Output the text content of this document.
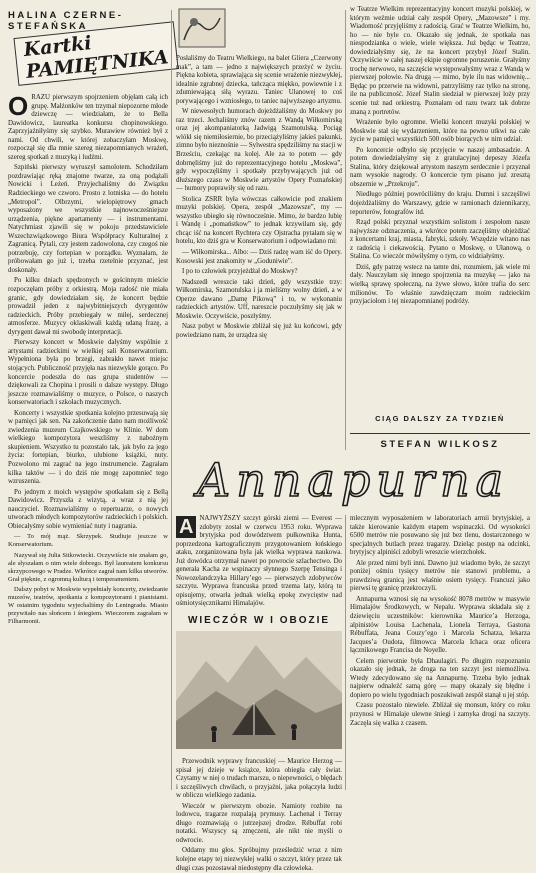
HALINA CZERNE-STEFAŃSKA
Kartki PAMIĘTNIKA

ORAZU pierwszym spojrzeniem objęłam całą ich grupę. Małżonków ten trzymał niepozorne młode dziewczę — wiedziałam, że to Bella Dawidowicz, laureatka konkursu chopinowskiego. Zaprzyjaźniłyśmy się szybko. Murawiew również był z nami. Od chwili, w której zobaczyłam Moskwę, rozpoczął się dla mnie szereg niezapomnianych wrażeń, szereg spotkań z muzyką i ludźmi.

Szpiński pierwszy wyruszył samolotem. Schodziłam pozdrawiając ręką znajome twarze, za oną podążali Nowicki i Leżeń. Przyjechaliśmy do Związku Radzieckiego we czworo. Prosto z lotniska — do hotelu „Metropol”. Olbrzymi, wielopiętrowy gmach wyposażony we wszystkie najnowocześniejsze urządzenia, piękne apartamenty — i instrumentami. Natychmiast zjawili się w pokoju przedstawiciele Wszechzwiązkowego Biura Współpracy Kulturalnej z Zagranicą. Pytali, czy jestem zadowolona, czy czegoś nie potrzebuję, czy fortepian w porządku. Wyznałam, że próbowałam go już i, trzeba rzetelnie przyznać, jest doskonały.

Po kilku dniach spędzonych w gościnnym mieście rozpoczęłam próby z orkiestrą. Moja radość nie miała granic, gdy dowiedziałam się, że koncert będzie prowadził jeden z najwybitniejszych dyrygentów radzieckich. Próby przebiegały w miłej, serdecznej atmosferze. Muzycy oklaskiwali każdą udaną frazę, a dyrygent dawał mi swobodę interpretacji.

Pierwszy koncert w Moskwie dałyśmy wspólnie z artystami radzieckimi w wielkiej sali Konserwatorium. Wypełniona była po brzegi, zabrakło nawet miejsc stojących. Publiczność przyjęła nas niezwykle gorąco. Po koncercie podeszła do nas grupa studentów — dziękowali za Chopina i prosili o dalsze występy. Długo jeszcze rozmawialiśmy o muzyce, o Polsce, o naszych konserwatoriach i szkołach muzycznych.

Koncerty i wszystkie spotkania kolejno przesuwają się w pamięci jak sen. Na zakończenie dano nam możliwość zwiedzenia muzeum Czajkowskiego w Klinie. W dom wielkiego kompozytora weszliśmy z nabożnym skupieniem. Wszystko tu pozostało tak, jak było za jego życia: fortepian, biurko, ulubione książki, nuty. Pozwolono mi zagrać na jego instrumencie. Zagrałam kilka taktów — i do dziś nie mogę zapomnieć tego wzruszenia.

Po jednym z moich występów spotkałam się z Bellą Dawidowicz. Przyszła z wizytą, a wraz z nią jej nauczyciel. Rozmawialiśmy o repertuarze, o nowych utworach młodych kompozytorów radzieckich i polskich. Obiecałyśmy sobie wymieniać nuty i nagrania.

— To mój mąż. Skrzypek. Studiuje jeszcze w Konserwatorium.

Nazywał się Julia Sitkowiecki. Oczywiście nie znałam go, ale słyszałam o nim wiele dobrego. Był laureatem konkursu skrzypcowego w Pradze. Wkrótce zagrał nam kilka utworów. Grał pięknie, z ogromną kulturą i temperamentem.

Dalszy pobyt w Moskwie wypełniały koncerty, zwiedzanie muzeów, teatrów, spotkania z kompozytorami i pianistami. W ostatnim tygodniu wyjechaliśmy do Leningradu. Miasto przywitało nas słońcem i śniegiem. Wieczorem zagrałam w Filharmonii.

Posłaliśmy do Teatru Wielkiego, na balet Gliera „Czerwony mak”, a tam — jedno z największych przeżyć w życiu. Piękna kobieta, sprawiająca się scenie wrażenie niezwykłej, idealnie zgrabnej dziecka, tańcząca miękko, powiewnie i z zdumiewającą siłą wyrazu. Taniec Ułanowej to coś porywającego i wzniosłego, to taniec najwyższego artyzmu.

W niewesołych humorach dojeżdżaliśmy do Moskwy po raz trzeci. Jechaliśmy znów razem z Wandą Wiłkomirską oraz jej akompaniatorką Jadwigą Szamotulską. Pociąg wlókł się niemiłosiernie, bo przeciążyliśmy jakieś pakunki, zimno było nieznośnie — Sylwestra spędziliśmy na stacji w Brześciu, czekając na kolej. Ale za to potem — gdy dobrnęliśmy już do reprezentacyjnego hotelu „Moskwa”, gdy wypoczęliśmy i spotkały przybywających już od dłuższego czasu w Moskwie artystów Opery Poznańskiej — humory poprawiły się od razu.

Stolica ZSRR była wówczas całkowicie pod znakiem muzyki polskiej. Opera, zespół „Mazowsze”, my — wszystko ubiegło się równocześnie. Mimo, że bardzo lubię i Wandę i „pomaństkow” to jednak krzywiłam się, gdy chcąc iść na koncert Rychtera czy Ojstracha pytałam się w hotelu, kto dziś gra w Konserwatorium i odpowiadano mi:

— Wiłkomirska... Albo: — Dziś radzę wam iść do Opery. Kosowski jest znakomity w „Goduniwie”.

I po to człowiek przyjeżdżał do Moskwy?

Nadszedł wreszcie taki dzień, gdy wszystkie trzy: Wiłkomirska, Szamotulska i ja mieliśmy wolny dzień, a w Operze dawano „Damę Pikową” i to, w wykonaniu radzieckich artystów. Uff, nareszcie poczułyśmy się jak w Moskwie. Oczywiście, poszłyśmy.

Nasz pobyt w Moskwie zbliżał się już ku końcowi, gdy powiedziano nam, że urządza się

w Teatrze Wielkim reprezentacyjny koncert muzyki polskiej, w którym weźmie udział cały zespół Opery, „Mazowsze” i my. Wiadomość przyjęliśmy z radością. Grać w Teatrze Wielkim, ho, ho — nie byle co. Okazało się jednak, że spotkała nas niespodzianka o wiele, wiele większa. Już będąc w Teatrze, dowiedziałyśmy się, że na koncert przybył Józef Stalin. Oczywiście w całej naszej ekipie ogromne poruszenie. Grałyśmy trochę nerwowo, na szczęście występowałyśmy wraz z Wandą w pierwszej połowie. Na drugą — mimo, byle ilu nas widownię... Będąc po przerwie na widowni, patrzyliśmy raz tylko na stronę, ile na publiczność. Józef Stalin siedział w pierwszej loży przy scenie tuż nad orkiestrą. Poznałam od razu twarz tak dobrze znaną z portretów.

Wrażenie było ogromne. Wielki koncert muzyki polskiej w Moskwie stał się wydarzeniem, które na pewno utkwi na całe życie w pamięci wszystkich 500 osób biorących w nim udział.

Po koncercie odbyło się przyjęcie w naszej ambasadzie. A potem dowiedziałyśmy się z gratulacyjnej depeszy Józefa Stalina, który dziękował artystom naszym serdecznie i przyznał nam wysokie nagrody. O koncercie tym pisano już zresztą obszernie w „Przekroju”.

Niedługo później powróciliśmy do kraju. Dumni i szczęśliwi dojeżdżaliśmy do Warszawy, gdzie w ramionach dziennikarzy, reporterów, fotografów itd.

Rząd polski przyznał wszystkim solistom i zespołom nasze najwyższe odznaczenia, a wkrótce potem zaczęliśmy objeżdżać z koncertami kraj, miasta, fabryki, szkoły. Wszędzie witano nas z radością i ciekawością. Pytano o Moskwę, o Ułanową, o Stalina. Co wieczór mówiłyśmy o tym, co widziałyśmy.

Dziś, gdy patrzę wstecz na tamte dni, rozumiem, jak wiele mi dały. Nauczyłam się innego spojrzenia na muzykę — jako na wielką sprawę społeczną, na żywe słowo, które trafia do serc milionów. To właśnie zawdzięczam moim radzieckim przyjaciołom i tej niezapomnianej podróży.

CIĄG DALSZY ZA TYDZIEŃ
STEFAN WILKOSZ
Annapurna

A NAJWYŻSZY szczyt górski ziemi — Everest — zdobyty został w czerwcu 1953 roku. Wyprawa brytyjska pod dowództwem pułkownika Hunta, poprzedzona kartograficznym przygotowaniem łońskiego ataku, zorganizowana była jak wielka wyprawa naukowa. Już dowódca otrzymał nawet po powrocie szlachectwo. Do generała Kacha ze wspinaczy słynnego Szerpę Tensinga i Nowozelandczyka Hillary’ego — pierwszych zdobywców szczytu. Wyprawa francuska przed trzema laty, którą tu opisujemy, otwarła jednak wielką epokę zwycięstw nad ośmiotysięcznikami Himalajów.

WIECZÓR W I OBOZIE

Przewodnik wyprawy francuskiej — Maurice Herzog — spisał jej dzieje w książce, która obiegła cały świat. Czytamy w niej o trudach marszu, o niepewności, o błędach i szczęśliwych chwilach, o przyjaźni, jaka połączyła ludzi w obliczu wielkiego zadania.

Wieczór w pierwszym obozie. Namioty rozbite na lodowcu, tragarze rozpalają prymusy. Lachenal i Terray długo rozmawiają o jutrzejszej drodze. Rébuffat robi notatki. Wszyscy są zmęczeni, ale nikt nie myśli o odwrocie.

Oddamy mu głos. Spróbujmy prześledzić wraz z nim kolejne etapy tej niezwykłej walki o szczyt, który przez tak długi czas pozostawał niedostępny dla człowieka.

mlecznym wyposażeniem w laboratoriach armii brytyjskiej, a także kierowanie każdym etapem wspinaczki. Od wysokości 6500 metrów nie posuwano się już bez tlenu, dostarczonego w specjalnych butlach przez tragarzy. Dzieląc postęp na odcinki, brytyjscy alpiniści zdobyli wreszcie wierzchołek.

Ale przed nimi byli inni. Dawno już wiadomo było, że szczyt poniżej ośmiu tysięcy metrów nie stanowi problemu, a prawdziwą granicą jest właśnie osiem tysięcy. Francuzi jako pierwsi tę granicę przekroczyli.

Annapurna wznosi się na wysokość 8078 metrów w masywie Himalajów Środkowych, w Nepalu. Wyprawa składała się z dziewięciu uczestników: kierownika Maurice’a Herzoga, alpinistów Louisa Lachenala, Lionela Terraya, Gastona Rébuffata, Jeana Couzy’ego i Marcela Schatza, lekarza Jacques’a Oudota, filmowca Marcela Ichaca oraz oficera łącznikowego Francisa de Noyelle.

Celem pierwotnie była Dhaulagiri. Po długim rozpoznaniu okazało się jednak, że droga na ten szczyt jest niemożliwa. Wtedy zdecydowano się na Annapurnę. Trzeba było jednak najpierw odnaleźć samą górę — mapy okazały się błędne i dopiero po wielu tygodniach poszukiwań zespół stanął u jej stóp.

Czasu pozostało niewiele. Zbliżał się monsun, który co roku przynosi w Himalaje ulewne śniegi i zamyka drogi na szczyty. Zaczęła się walka z czasem.
